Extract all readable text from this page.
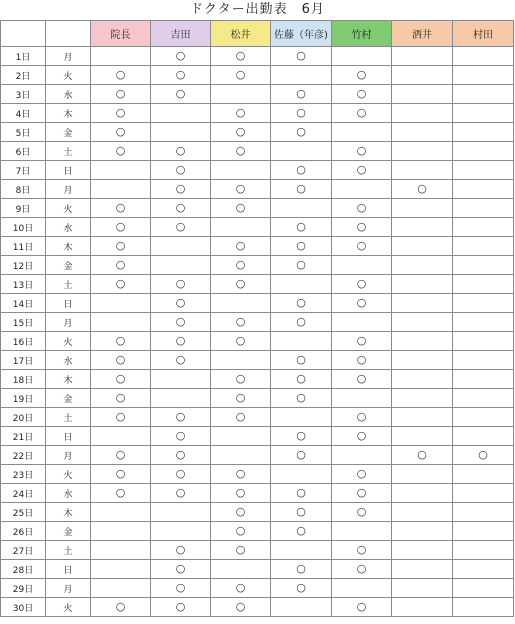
ドクター出勤表　6月
		院長	吉田	松井	佐藤（年彦)	竹村	酒井	村田
1日	月		○	○	○			
2日	火	○	○	○		○		
3日	水	○	○		○	○		
4日	木	○		○	○	○		
5日	金	○		○	○			
6日	土	○	○	○		○		
7日	日		○		○	○		
8日	月		○	○	○		○	
9日	火	○	○	○		○		
10日	水	○	○		○	○		
11日	木	○		○	○	○		
12日	金	○		○	○			
13日	土	○	○	○		○		
14日	日		○		○	○		
15日	月		○	○	○			
16日	火	○	○	○		○		
17日	水	○	○		○	○		
18日	木	○		○	○	○		
19日	金	○		○	○			
20日	土	○	○	○		○		
21日	日		○		○	○		
22日	月	○	○		○		○	○
23日	火	○	○	○		○		
24日	水	○	○	○	○	○		
25日	木			○	○	○		
26日	金			○	○			
27日	土		○	○		○		
28日	日		○		○	○		
29日	月		○	○	○			
30日	火	○	○	○		○		
